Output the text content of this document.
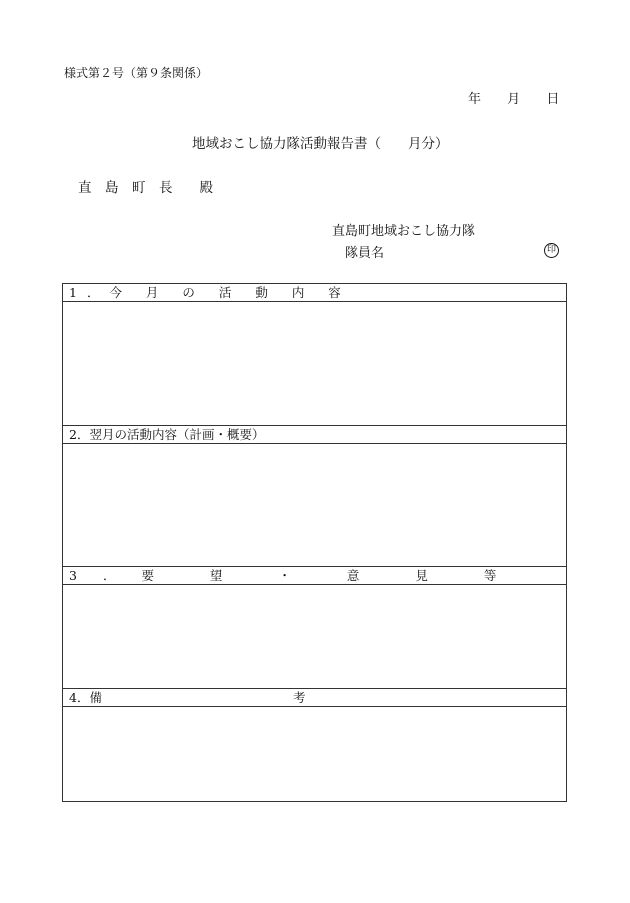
様式第２号（第９条関係）
年 月 日
地域おこし協力隊活動報告書（　　月分）
直　島　町　長　　殿
直島町地域おこし協力隊
隊員名	印
1．今 月 の 活 動 内 容
2．翌月の活動内容（計画・概要）
3．要 望 ・ 意 見 等
4．備	考
